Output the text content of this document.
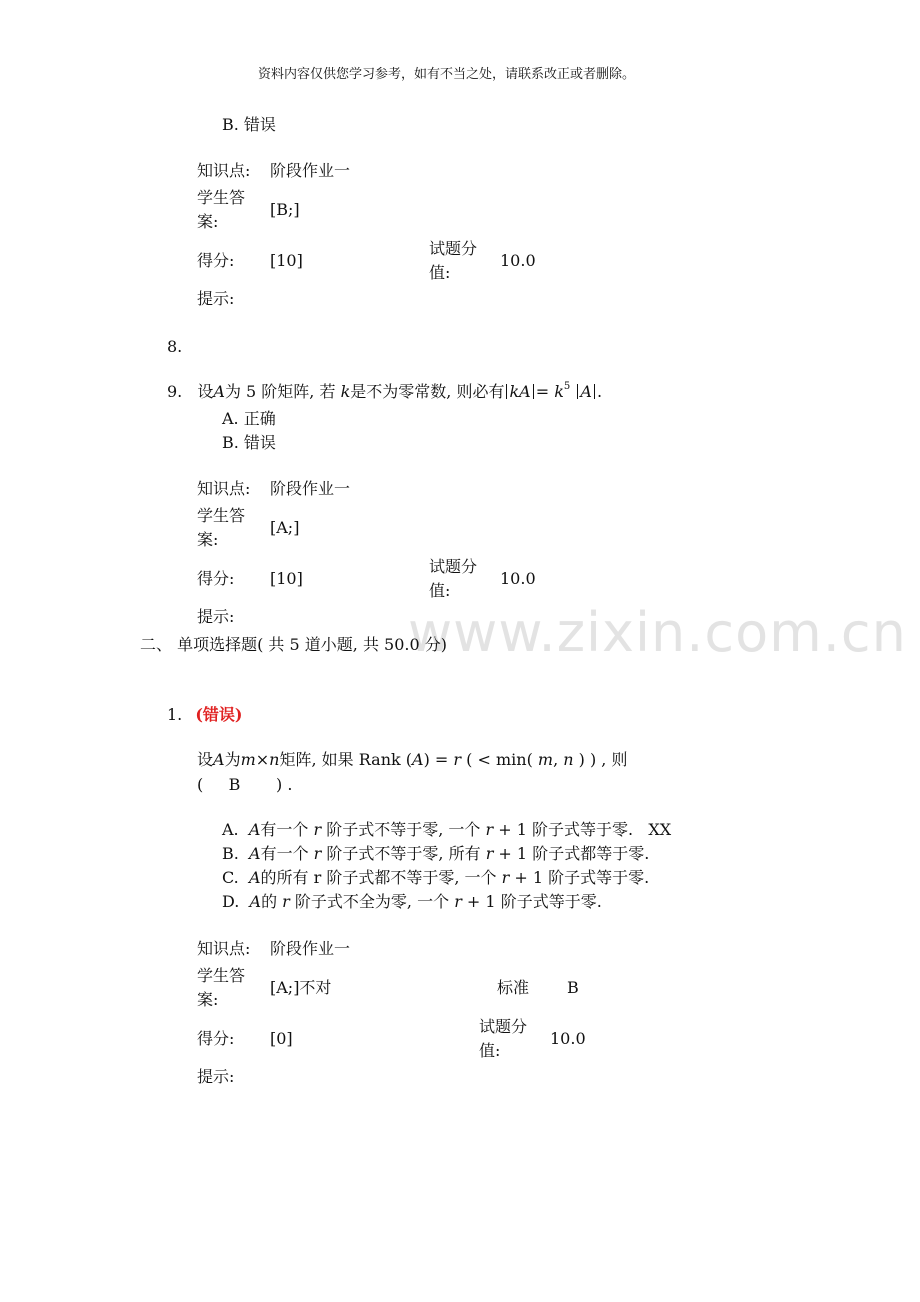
www.zixin.com.cn
资料内容仅供您学习参考，如有不当之处，请联系改正或者删除。
B. 错误
知识点: 阶段作业一
学生答
案:
[B;]
得分: [10]
试题分
值:
10.0
提示:
8.
9. 设A为 5 阶矩阵, 若 k是不为零常数, 则必有 kA = $k^5$ A .
A. 正确
B. 错误
知识点: 阶段作业一
学生答
案:
[A;]
得分: [10]
试题分
值:
10.0
提示:
二、 单项选择题( 共 5 道小题, 共 50.0 分)
1. (错误)
设A为m×n矩阵, 如果 Rank (A) = r ( < min( m, n ) ) , 则
(     B       ) .
A.  A有一个 r 阶子式不等于零, 一个 r + 1 阶子式等于零.   XX
B.  A有一个 r 阶子式不等于零, 所有 r + 1 阶子式都等于零.
C.  A的所有 r 阶子式都不等于零, 一个 r + 1 阶子式等于零.
D.  A的 r 阶子式不全为零, 一个 r + 1 阶子式等于零.
知识点: 阶段作业一
学生答
案:
[A;]不对	标准 B
得分: [0]
试题分
值:
10.0
提示:
